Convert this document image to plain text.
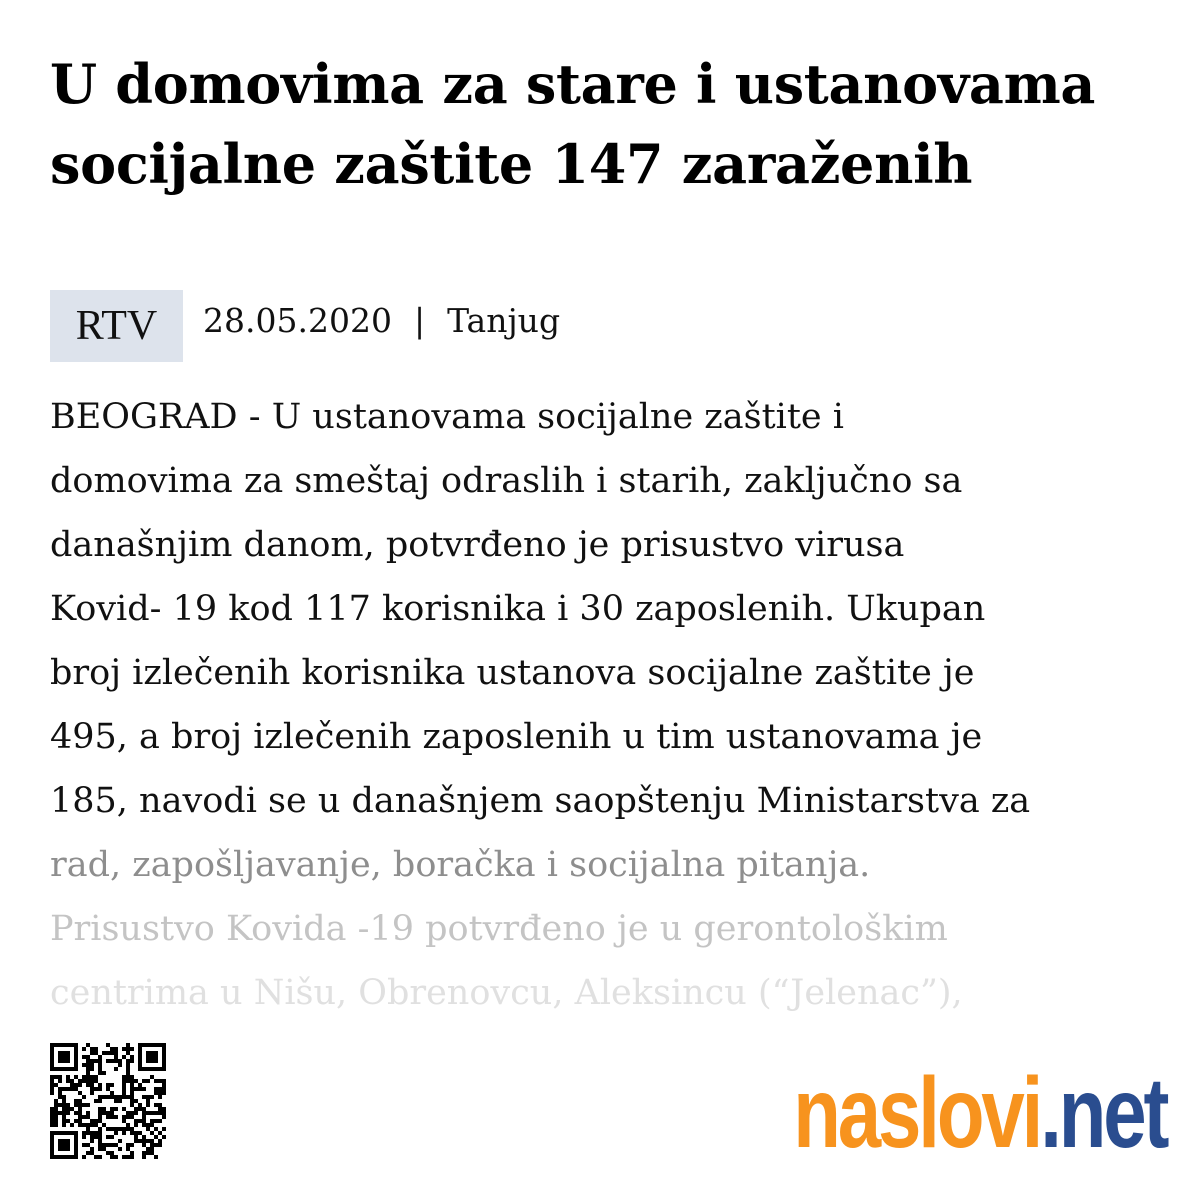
U domovima za stare i ustanovama socijalne zaštite 147 zaraženih
RTV	28.05.2020 | Tanjug

BEOGRAD - U ustanovama socijalne zaštite i
domovima za smeštaj odraslih i starih, zaključno sa
današnjim danom, potvrđeno je prisustvo virusa
Kovid- 19 kod 117 korisnika i 30 zaposlenih. Ukupan
broj izlečenih korisnika ustanova socijalne zaštite je
495, a broj izlečenih zaposlenih u tim ustanovama je
185, navodi se u današnjem saopštenju Ministarstva za
rad, zapošljavanje, boračka i socijalna pitanja.
Prisustvo Kovida -19 potvrđeno je u gerontološkim
centrima u Nišu, Obrenovcu, Aleksincu (“Jelenac”),

naslovi.net
